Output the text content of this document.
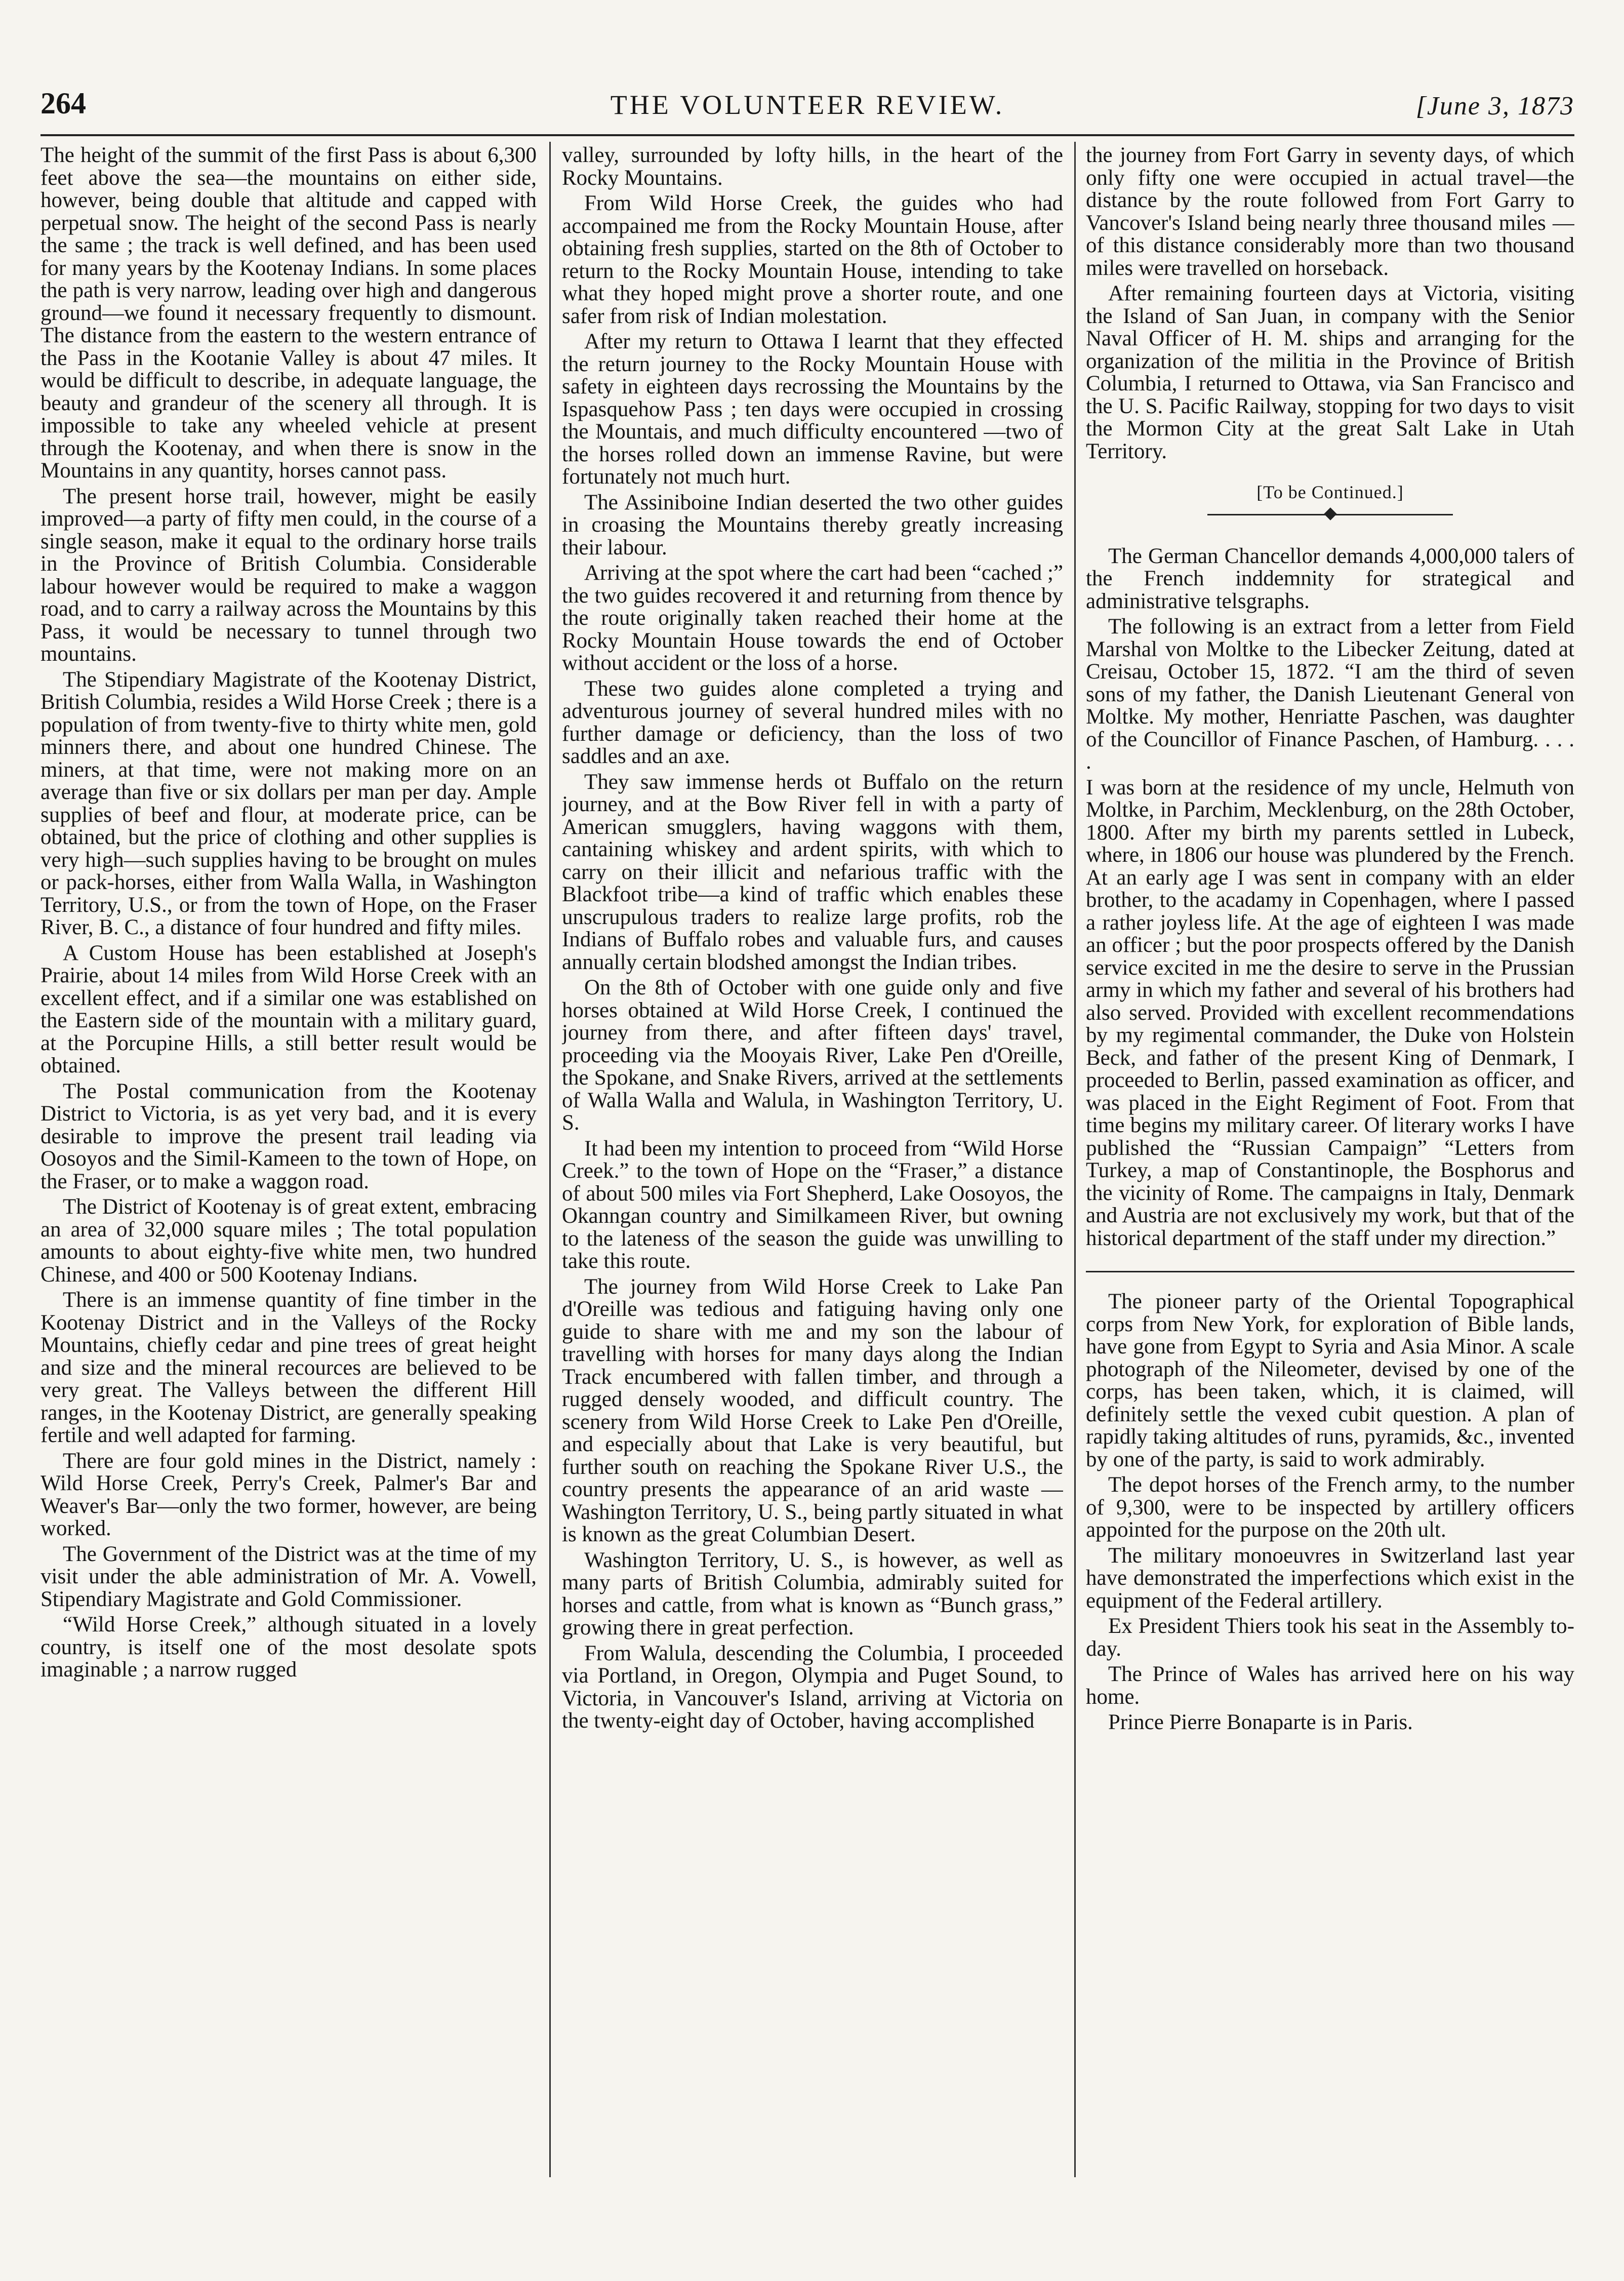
264	THE VOLUNTEER REVIEW.	[June 3, 1873

The height of the summit of the first Pass is about 6,300 feet above the sea—the mountains on either side, however, being double that altitude and capped with perpetual snow. The height of the second Pass is nearly the same ; the track is well defined, and has been used for many years by the Kootenay Indians. In some places the path is very narrow, leading over high and dangerous ground—we found it necessary frequently to dismount. The distance from the eastern to the western entrance of the Pass in the Kootanie Valley is about 47 miles. It would be difficult to describe, in adequate language, the beauty and grandeur of the scenery all through. It is impossible to take any wheeled vehicle at present through the Kootenay, and when there is snow in the Mountains in any quantity, horses cannot pass.

The present horse trail, however, might be easily improved—a party of fifty men could, in the course of a single season, make it equal to the ordinary horse trails in the Province of British Columbia. Considerable labour however would be required to make a waggon road, and to carry a railway across the Mountains by this Pass, it would be necessary to tunnel through two mountains.

The Stipendiary Magistrate of the Kootenay District, British Columbia, resides a Wild Horse Creek ; there is a population of from twenty-five to thirty white men, gold minners there, and about one hundred Chinese. The miners, at that time, were not making more on an average than five or six dollars per man per day. Ample supplies of beef and flour, at moderate price, can be obtained, but the price of clothing and other supplies is very high—such supplies having to be brought on mules or pack-horses, either from Walla Walla, in Washington Territory, U.S., or from the town of Hope, on the Fraser River, B. C., a distance of four hundred and fifty miles.

A Custom House has been established at Joseph's Prairie, about 14 miles from Wild Horse Creek with an excellent effect, and if a similar one was established on the Eastern side of the mountain with a military guard, at the Porcupine Hills, a still better result would be obtained.

The Postal communication from the Kootenay District to Victoria, is as yet very bad, and it is every desirable to improve the present trail leading via Oosoyos and the Simil-Kameen to the town of Hope, on the Fraser, or to make a waggon road.

The District of Kootenay is of great extent, embracing an area of 32,000 square miles ; The total population amounts to about eighty-five white men, two hundred Chinese, and 400 or 500 Kootenay Indians.

There is an immense quantity of fine timber in the Kootenay District and in the Valleys of the Rocky Mountains, chiefly cedar and pine trees of great height and size and the mineral recources are believed to be very great. The Valleys between the different Hill ranges, in the Kootenay District, are generally speaking fertile and well adapted for farming.

There are four gold mines in the District, namely : Wild Horse Creek, Perry's Creek, Palmer's Bar and Weaver's Bar—only the two former, however, are being worked.

The Government of the District was at the time of my visit under the able administration of Mr. A. Vowell, Stipendiary Magistrate and Gold Commissioner.

“Wild Horse Creek,” although situated in a lovely country, is itself one of the most desolate spots imaginable ; a narrow rugged

valley, surrounded by lofty hills, in the heart of the Rocky Mountains.

From Wild Horse Creek, the guides who had accompained me from the Rocky Mountain House, after obtaining fresh supplies, started on the 8th of October to return to the Rocky Mountain House, intending to take what they hoped might prove a shorter route, and one safer from risk of Indian molestation.

After my return to Ottawa I learnt that they effected the return journey to the Rocky Mountain House with safety in eighteen days recrossing the Mountains by the Ispasquehow Pass ; ten days were occupied in crossing the Mountais, and much difficulty encountered —two of the horses rolled down an immense Ravine, but were fortunately not much hurt.

The Assiniboine Indian deserted the two other guides in croasing the Mountains thereby greatly increasing their labour.

Arriving at the spot where the cart had been “cached ;” the two guides recovered it and returning from thence by the route originally taken reached their home at the Rocky Mountain House towards the end of October without accident or the loss of a horse.

These two guides alone completed a trying and adventurous journey of several hundred miles with no further damage or deficiency, than the loss of two saddles and an axe.

They saw immense herds ot Buffalo on the return journey, and at the Bow River fell in with a party of American smugglers, having waggons with them, cantaining whiskey and ardent spirits, with which to carry on their illicit and nefarious traffic with the Blackfoot tribe—a kind of traffic which enables these unscrupulous traders to realize large profits, rob the Indians of Buffalo robes and valuable furs, and causes annually certain blodshed amongst the Indian tribes.

On the 8th of October with one guide only and five horses obtained at Wild Horse Creek, I continued the journey from there, and after fifteen days' travel, proceeding via the Mooyais River, Lake Pen d'Oreille, the Spokane, and Snake Rivers, arrived at the settlements of Walla Walla and Walula, in Washington Territory, U. S.

It had been my intention to proceed from “Wild Horse Creek.” to the town of Hope on the “Fraser,” a distance of about 500 miles via Fort Shepherd, Lake Oosoyos, the Okanngan country and Similkameen River, but owning to the lateness of the season the guide was unwilling to take this route.

The journey from Wild Horse Creek to Lake Pan d'Oreille was tedious and fatiguing having only one guide to share with me and my son the labour of travelling with horses for many days along the Indian Track encumbered with fallen timber, and through a rugged densely wooded, and difficult country. The scenery from Wild Horse Creek to Lake Pen d'Oreille, and especially about that Lake is very beautiful, but further south on reaching the Spokane River U.S., the country presents the appearance of an arid waste —Washington Territory, U. S., being partly situated in what is known as the great Columbian Desert.

Washington Territory, U. S., is however, as well as many parts of British Columbia, admirably suited for horses and cattle, from what is known as “Bunch grass,” growing there in great perfection.

From Walula, descending the Columbia, I proceeded via Portland, in Oregon, Olympia and Puget Sound, to Victoria, in Vancouver's Island, arriving at Victoria on the twenty-eight day of October, having accomplished

the journey from Fort Garry in seventy days, of which only fifty one were occupied in actual travel—the distance by the route followed from Fort Garry to Vancover's Island being nearly three thousand miles —of this distance considerably more than two thousand miles were travelled on horseback.

After remaining fourteen days at Victoria, visiting the Island of San Juan, in company with the Senior Naval Officer of H. M. ships and arranging for the organization of the militia in the Province of British Columbia, I returned to Ottawa, via San Francisco and the U. S. Pacific Railway, stopping for two days to visit the Mormon City at the great Salt Lake in Utah Territory.

[To be Continued.]

The German Chancellor demands 4,000,000 talers of the French inddemnity for strategical and administrative telsgraphs.

The following is an extract from a letter from Field Marshal von Moltke to the Libecker Zeitung, dated at Creisau, October 15, 1872. “I am the third of seven sons of my father, the Danish Lieutenant General von Moltke. My mother, Henriatte Paschen, was daughter of the Councillor of Finance Paschen, of Hamburg. . . . .

I was born at the residence of my uncle, Helmuth von Moltke, in Parchim, Mecklenburg, on the 28th October, 1800. After my birth my parents settled in Lubeck, where, in 1806 our house was plundered by the French. At an early age I was sent in company with an elder brother, to the acadamy in Copenhagen, where I passed a rather joyless life. At the age of eighteen I was made an officer ; but the poor prospects offered by the Danish service excited in me the desire to serve in the Prussian army in which my father and several of his brothers had also served. Provided with excellent recommendations by my regimental commander, the Duke von Holstein Beck, and father of the present King of Denmark, I proceeded to Berlin, passed examination as officer, and was placed in the Eight Regiment of Foot. From that time begins my military career. Of literary works I have published the “Russian Campaign” “Letters from Turkey, a map of Constantinople, the Bosphorus and the vicinity of Rome. The campaigns in Italy, Denmark and Austria are not exclusively my work, but that of the historical department of the staff under my direction.”

The pioneer party of the Oriental Topographical corps from New York, for exploration of Bible lands, have gone from Egypt to Syria and Asia Minor. A scale photograph of the Nileometer, devised by one of the corps, has been taken, which, it is claimed, will definitely settle the vexed cubit question. A plan of rapidly taking altitudes of runs, pyramids, &c., invented by one of the party, is said to work admirably.

The depot horses of the French army, to the number of 9,300, were to be inspected by artillery officers appointed for the purpose on the 20th ult.

The military monoeuvres in Switzerland last year have demonstrated the imperfections which exist in the equipment of the Federal artillery.

Ex President Thiers took his seat in the Assembly to-day.

The Prince of Wales has arrived here on his way home.

Prince Pierre Bonaparte is in Paris.
